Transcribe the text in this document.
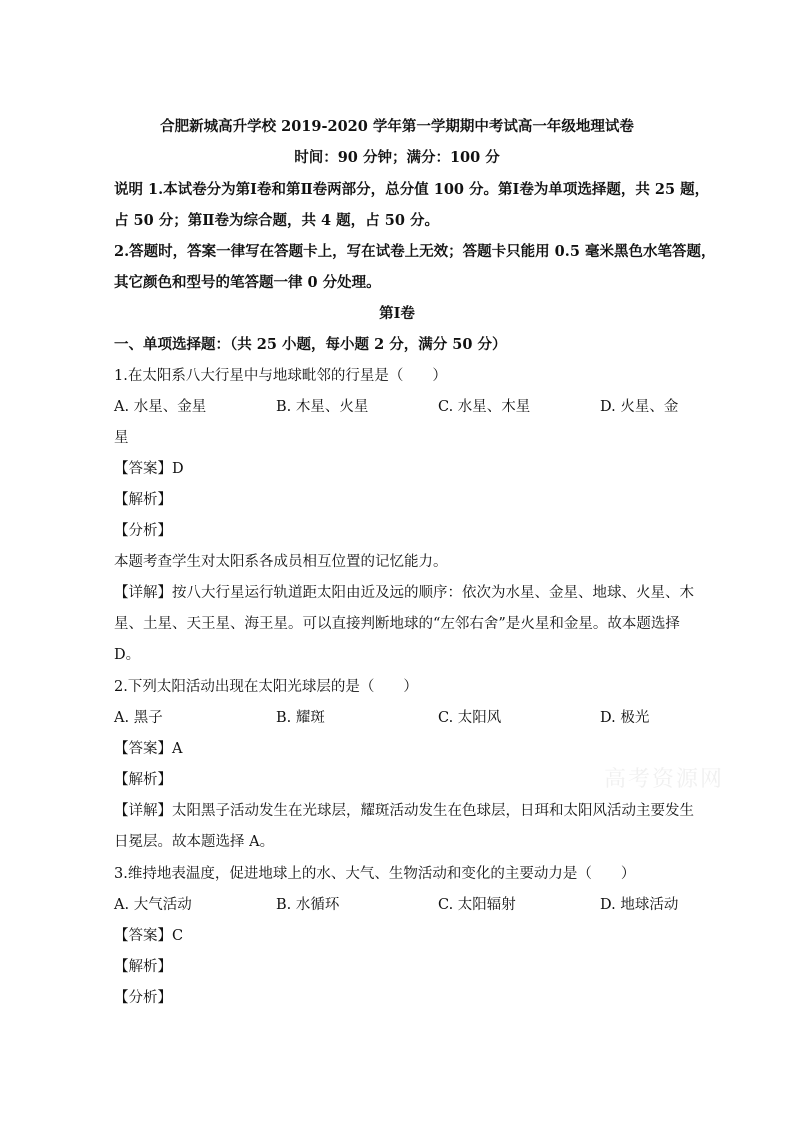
合肥新城高升学校 2019-2020 学年第一学期期中考试高一年级地理试卷
时间：90 分钟；满分：100 分
说明 1.本试卷分为第Ⅰ卷和第Ⅱ卷两部分，总分值 100 分。第Ⅰ卷为单项选择题，共 25 题，
占 50 分；第Ⅱ卷为综合题，共 4 题，占 50 分。
2.答题时，答案一律写在答题卡上，写在试卷上无效；答题卡只能用 0.5 毫米黑色水笔答题，
其它颜色和型号的笔答题一律 0 分处理。
第Ⅰ卷
一、单项选择题：（共 25 小题，每小题 2 分，满分 50 分）
1.在太阳系八大行星中与地球毗邻的行星是（　　）
A. 水星、金星	B. 木星、火星	C. 水星、木星	D. 火星、金
星
【答案】D
【解析】
【分析】
本题考查学生对太阳系各成员相互位置的记忆能力。
【详解】按八大行星运行轨道距太阳由近及远的顺序：依次为水星、金星、地球、火星、木
星、土星、天王星、海王星。可以直接判断地球的“左邻右舍”是火星和金星。故本题选择
D。
2.下列太阳活动出现在太阳光球层的是（　　）
A. 黑子	B. 耀斑	C. 太阳风	D. 极光
【答案】A
【解析】
【详解】太阳黑子活动发生在光球层，耀斑活动发生在色球层，日珥和太阳风活动主要发生
日冕层。故本题选择 A。
3.维持地表温度，促进地球上的水、大气、生物活动和变化的主要动力是（　　）
A. 大气活动	B. 水循环	C. 太阳辐射	D. 地球活动
【答案】C
【解析】
【分析】
高考资源网
